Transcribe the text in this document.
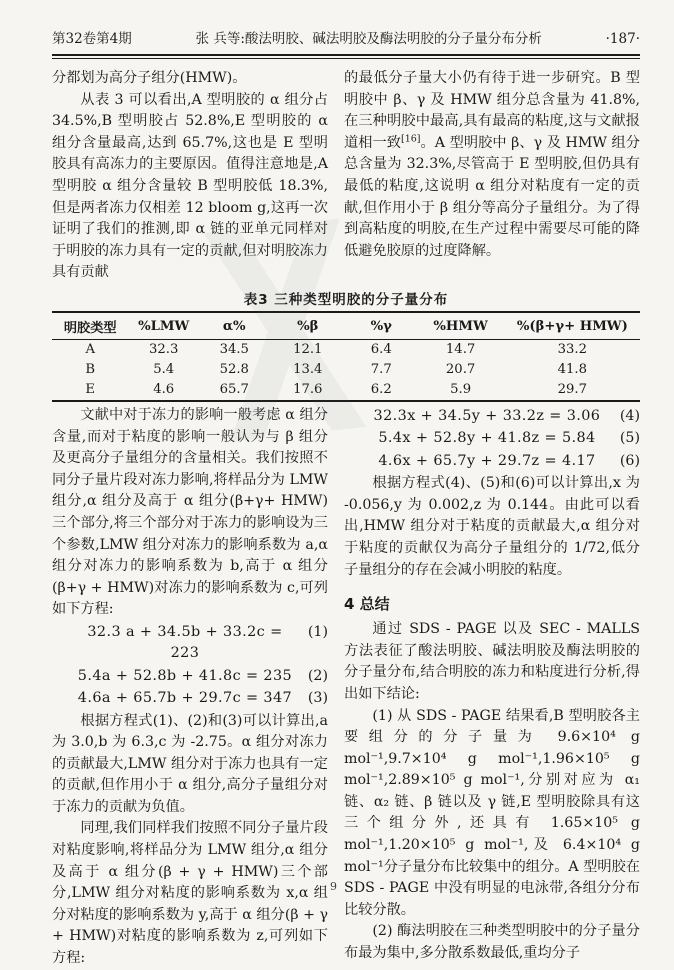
第32卷第4期	张 兵等:酸法明胶、碱法明胶及酶法明胶的分子量分布分析	·187·

分都划为高分子组分(HMW)。

从表 3 可以看出,A 型明胶的 α 组分占 34.5%,B 型明胶占 52.8%,E 型明胶的 α 组分含量最高,达到 65.7%,这也是 E 型明胶具有高冻力的主要原因。值得注意地是,A 型明胶 α 组分含量较 B 型明胶低 18.3%,但是两者冻力仅相差 12 bloom g,这再一次证明了我们的推测,即 α 链的亚单元同样对于明胶的冻力具有一定的贡献,但对明胶冻力具有贡献

的最低分子量大小仍有待于进一步研究。B 型明胶中 β、γ 及 HMW 组分总含量为 41.8%,在三种明胶中最高,具有最高的粘度,这与文献报道相一致[16]。A 型明胶中 β、γ 及 HMW 组分总含量为 32.3%,尽管高于 E 型明胶,但仍具有最低的粘度,这说明 α 组分对粘度有一定的贡献,但作用小于 β 组分等高分子量组分。为了得到高粘度的明胶,在生产过程中需要尽可能的降低避免胶原的过度降解。

表3 三种类型明胶的分子量分布
明胶类型	%LMW	α%	%β	%γ	%HMW	%(β+γ+ HMW)
A	32.3	34.5	12.1	6.4	14.7	33.2
B	5.4	52.8	13.4	7.7	20.7	41.8
E	4.6	65.7	17.6	6.2	5.9	29.7

文献中对于冻力的影响一般考虑 α 组分含量,而对于粘度的影响一般认为与 β 组分及更高分子量组分的含量相关。我们按照不同分子量片段对冻力影响,将样品分为 LMW 组分,α 组分及高于 α 组分(β+γ+ HMW)三个部分,将三个部分对于冻力的影响设为三个参数,LMW 组分对冻力的影响系数为 a,α 组分对冻力的影响系数为 b,高于 α 组分(β+γ + HMW)对冻力的影响系数为 c,可列如下方程:

32.3 a + 34.5b + 33.2c = 223
(1)
5.4a + 52.8b + 41.8c = 235	(2)
4.6a + 65.7b + 29.7c = 347	(3)

根据方程式(1)、(2)和(3)可以计算出,a 为 3.0,b 为 6.3,c 为 -2.75。α 组分对冻力的贡献最大,LMW 组分对于冻力也具有一定的贡献,但作用小于 α 组分,高分子量组分对于冻力的贡献为负值。

同理,我们同样我们按照不同分子量片段对粘度影响,将样品分为 LMW 组分,α 组分及高于 α 组分(β + γ + HMW)三个部分,LMW 组分对粘度的影响系数为 x,α 组分对粘度的影响系数为 y,高于 α 组分(β + γ + HMW)对粘度的影响系数为 z,可列如下方程:

32.3x + 34.5y + 33.2z = 3.06	(4)
5.4x + 52.8y + 41.8z = 5.84	(5)
4.6x + 65.7y + 29.7z = 4.17	(6)

根据方程式(4)、(5)和(6)可以计算出,x 为 -0.056,y 为 0.002,z 为 0.144。由此可以看出,HMW 组分对于粘度的贡献最大,α 组分对于粘度的贡献仅为高分子量组分的 1/72,低分子量组分的存在会减小明胶的粘度。

4 总结

通过 SDS - PAGE 以及 SEC - MALLS 方法表征了酸法明胶、碱法明胶及酶法明胶的分子量分布,结合明胶的冻力和粘度进行分析,得出如下结论:

(1) 从 SDS - PAGE 结果看,B 型明胶各主要组分的分子量为 9.6×10⁴ g mol⁻¹,9.7×10⁴ g mol⁻¹,1.96×10⁵ g mol⁻¹,2.89×10⁵ g mol⁻¹,分别对应为 α₁ 链、α₂ 链、β 链以及 γ 链,E 型明胶除具有这三个组分外,还具有 1.65×10⁵ g mol⁻¹,1.20×10⁵ g mol⁻¹,及 6.4×10⁴ g mol⁻¹分子量分布比较集中的组分。A 型明胶在 SDS - PAGE 中没有明显的电泳带,各组分分布比较分散。

(2) 酶法明胶在三种类型明胶中的分子量分布最为集中,多分散系数最低,重均分子

9
